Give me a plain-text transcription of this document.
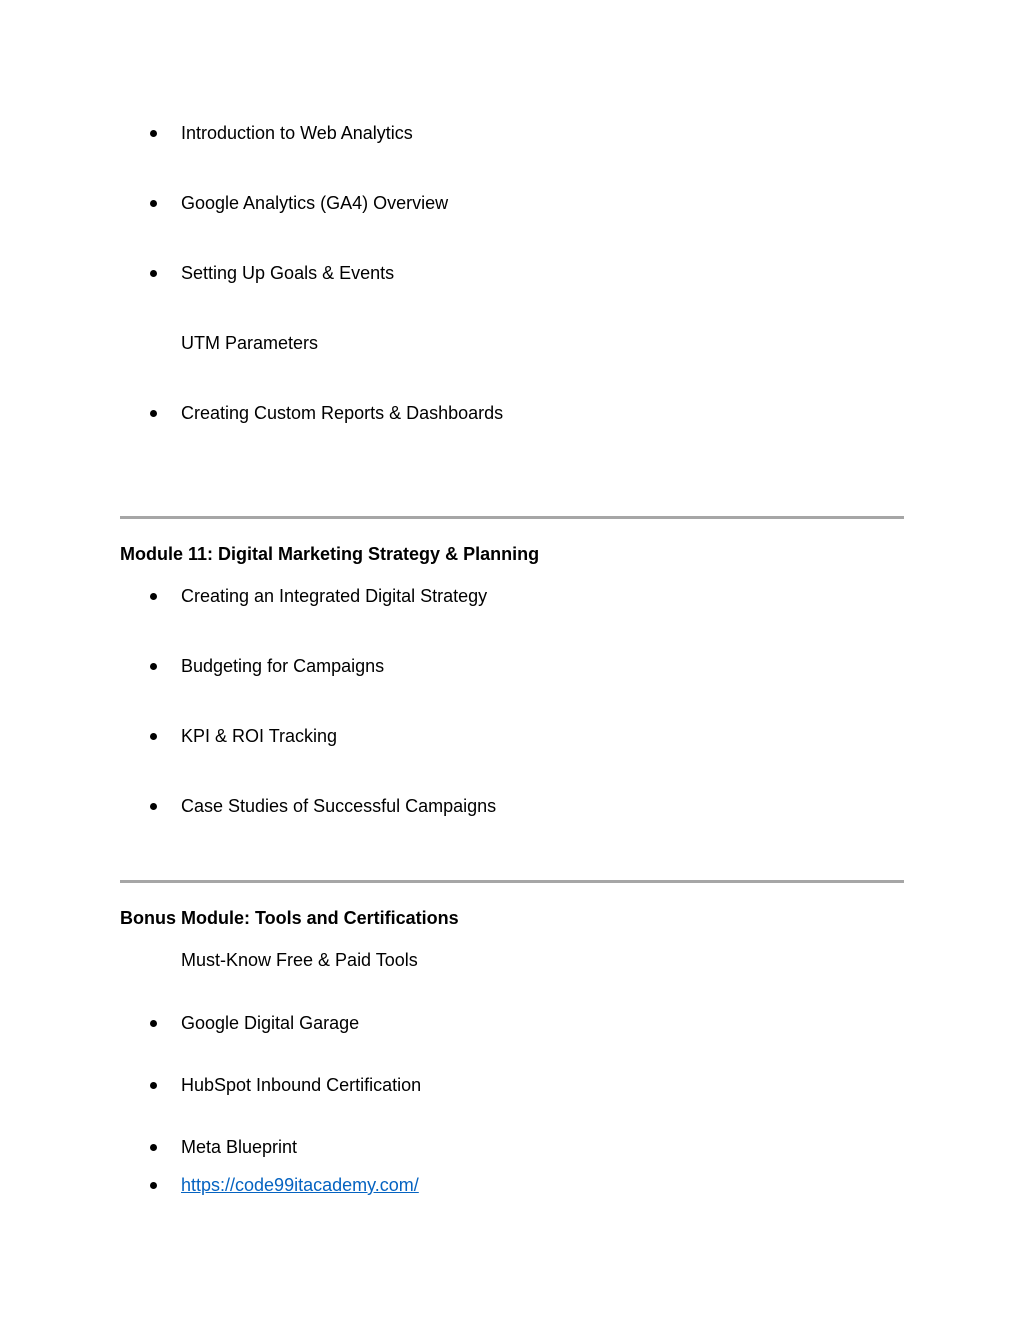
Introduction to Web Analytics
Google Analytics (GA4) Overview
Setting Up Goals & Events
UTM Parameters
Creating Custom Reports & Dashboards
Module 11: Digital Marketing Strategy & Planning
Creating an Integrated Digital Strategy
Budgeting for Campaigns
KPI & ROI Tracking
Case Studies of Successful Campaigns
Bonus Module: Tools and Certifications
Must-Know Free & Paid Tools
Google Digital Garage
HubSpot Inbound Certification
Meta Blueprint
https://code99itacademy.com/
